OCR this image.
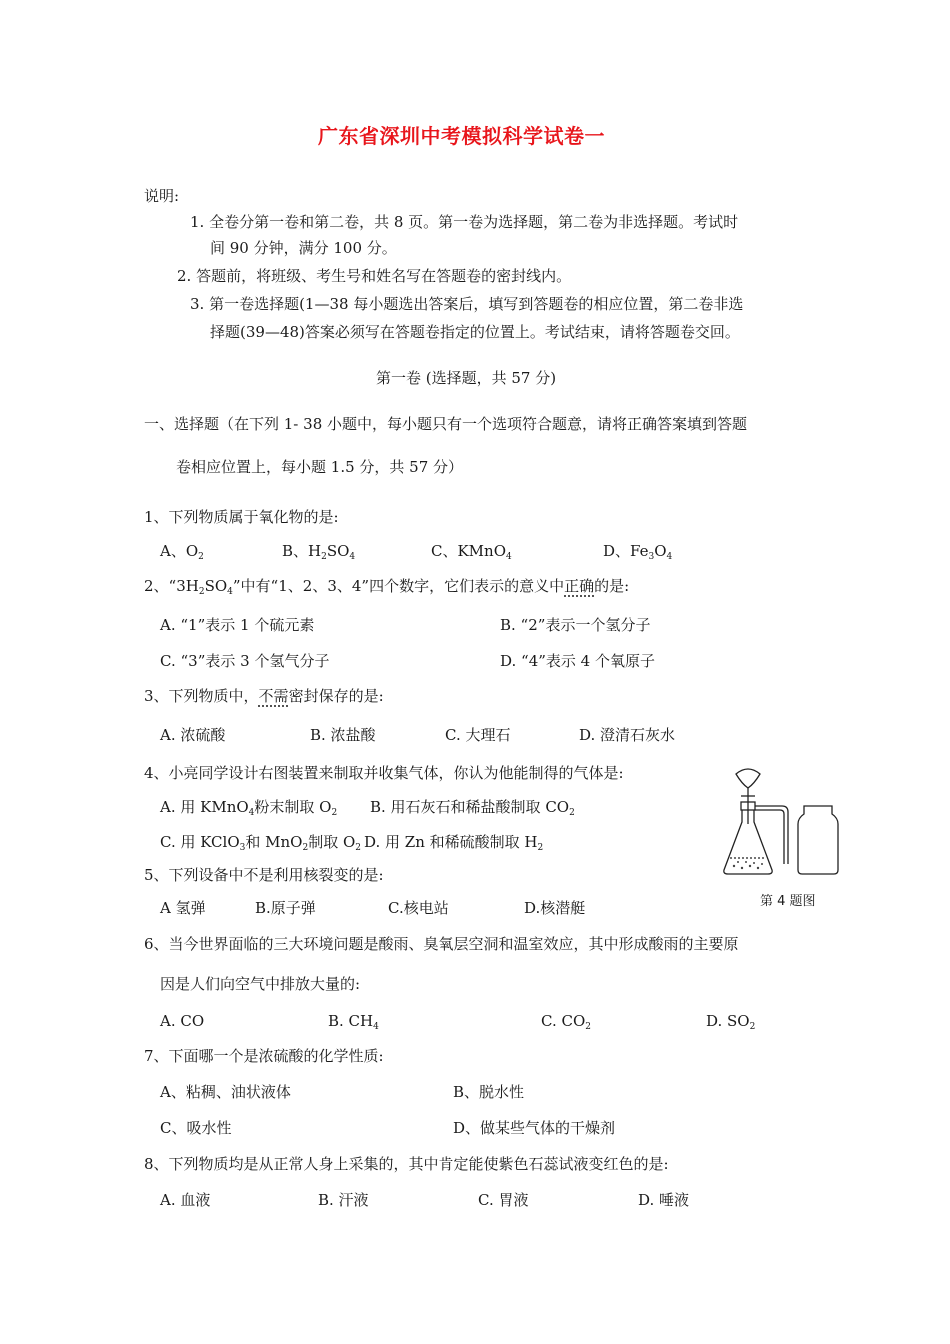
广东省深圳中考模拟科学试卷一
说明:
1. 全卷分第一卷和第二卷，共 8 页。第一卷为选择题，第二卷为非选择题。考试时
间 90 分钟，满分 100 分。
2. 答题前，将班级、考生号和姓名写在答题卷的密封线内。
3. 第一卷选择题(1—38 每小题选出答案后，填写到答题卷的相应位置，第二卷非选
择题(39—48)答案必须写在答题卷指定的位置上。考试结束，请将答题卷交回。
第一卷 (选择题，共 57 分)
一、选择题（在下列 1- 38 小题中，每小题只有一个选项符合题意，请将正确答案填到答题
卷相应位置上，每小题 1.5 分，共 57 分）
1、下列物质属于氧化物的是:
A、$O_2$	B、$H_2SO_4$	C、KMnO$_4$	D、$Fe_3O_4$
2、“$3H_2SO_4$”中有“1、2、3、4”四个数字，它们表示的意义中正确的是:
A. “1”表示 1 个硫元素	B. “2”表示一个氢分子
C. “3”表示 3 个氢气分子	D. “4”表示 4 个氧原子
3、下列物质中，不需密封保存的是:
A. 浓硫酸	B. 浓盐酸	C. 大理石	D. 澄清石灰水
4、小亮同学设计右图装置来制取并收集气体，你认为他能制得的气体是:
A. 用 KMnO$_4$粉末制取 $O_2$ B. 用石灰石和稀盐酸制取 $CO_2$
C. 用 KClO$_3$和 MnO$_2$制取 $O_2$ D. 用 Zn 和稀硫酸制取 $H_2$
第 4 题图
5、下列设备中不是利用核裂变的是:
A 氢弹	B.原子弹	C.核电站	D.核潜艇
6、当今世界面临的三大环境问题是酸雨、臭氧层空洞和温室效应，其中形成酸雨的主要原
因是人们向空气中排放大量的:
A. CO	B. $CH_4$	C. $CO_2$	D. $SO_2$
7、下面哪一个是浓硫酸的化学性质:
A、粘稠、油状液体	B、脱水性
C、吸水性	D、做某些气体的干燥剂
8、下列物质均是从正常人身上采集的，其中肯定能使紫色石蕊试液变红色的是:
A. 血液	B. 汗液	C. 胃液	D. 唾液
